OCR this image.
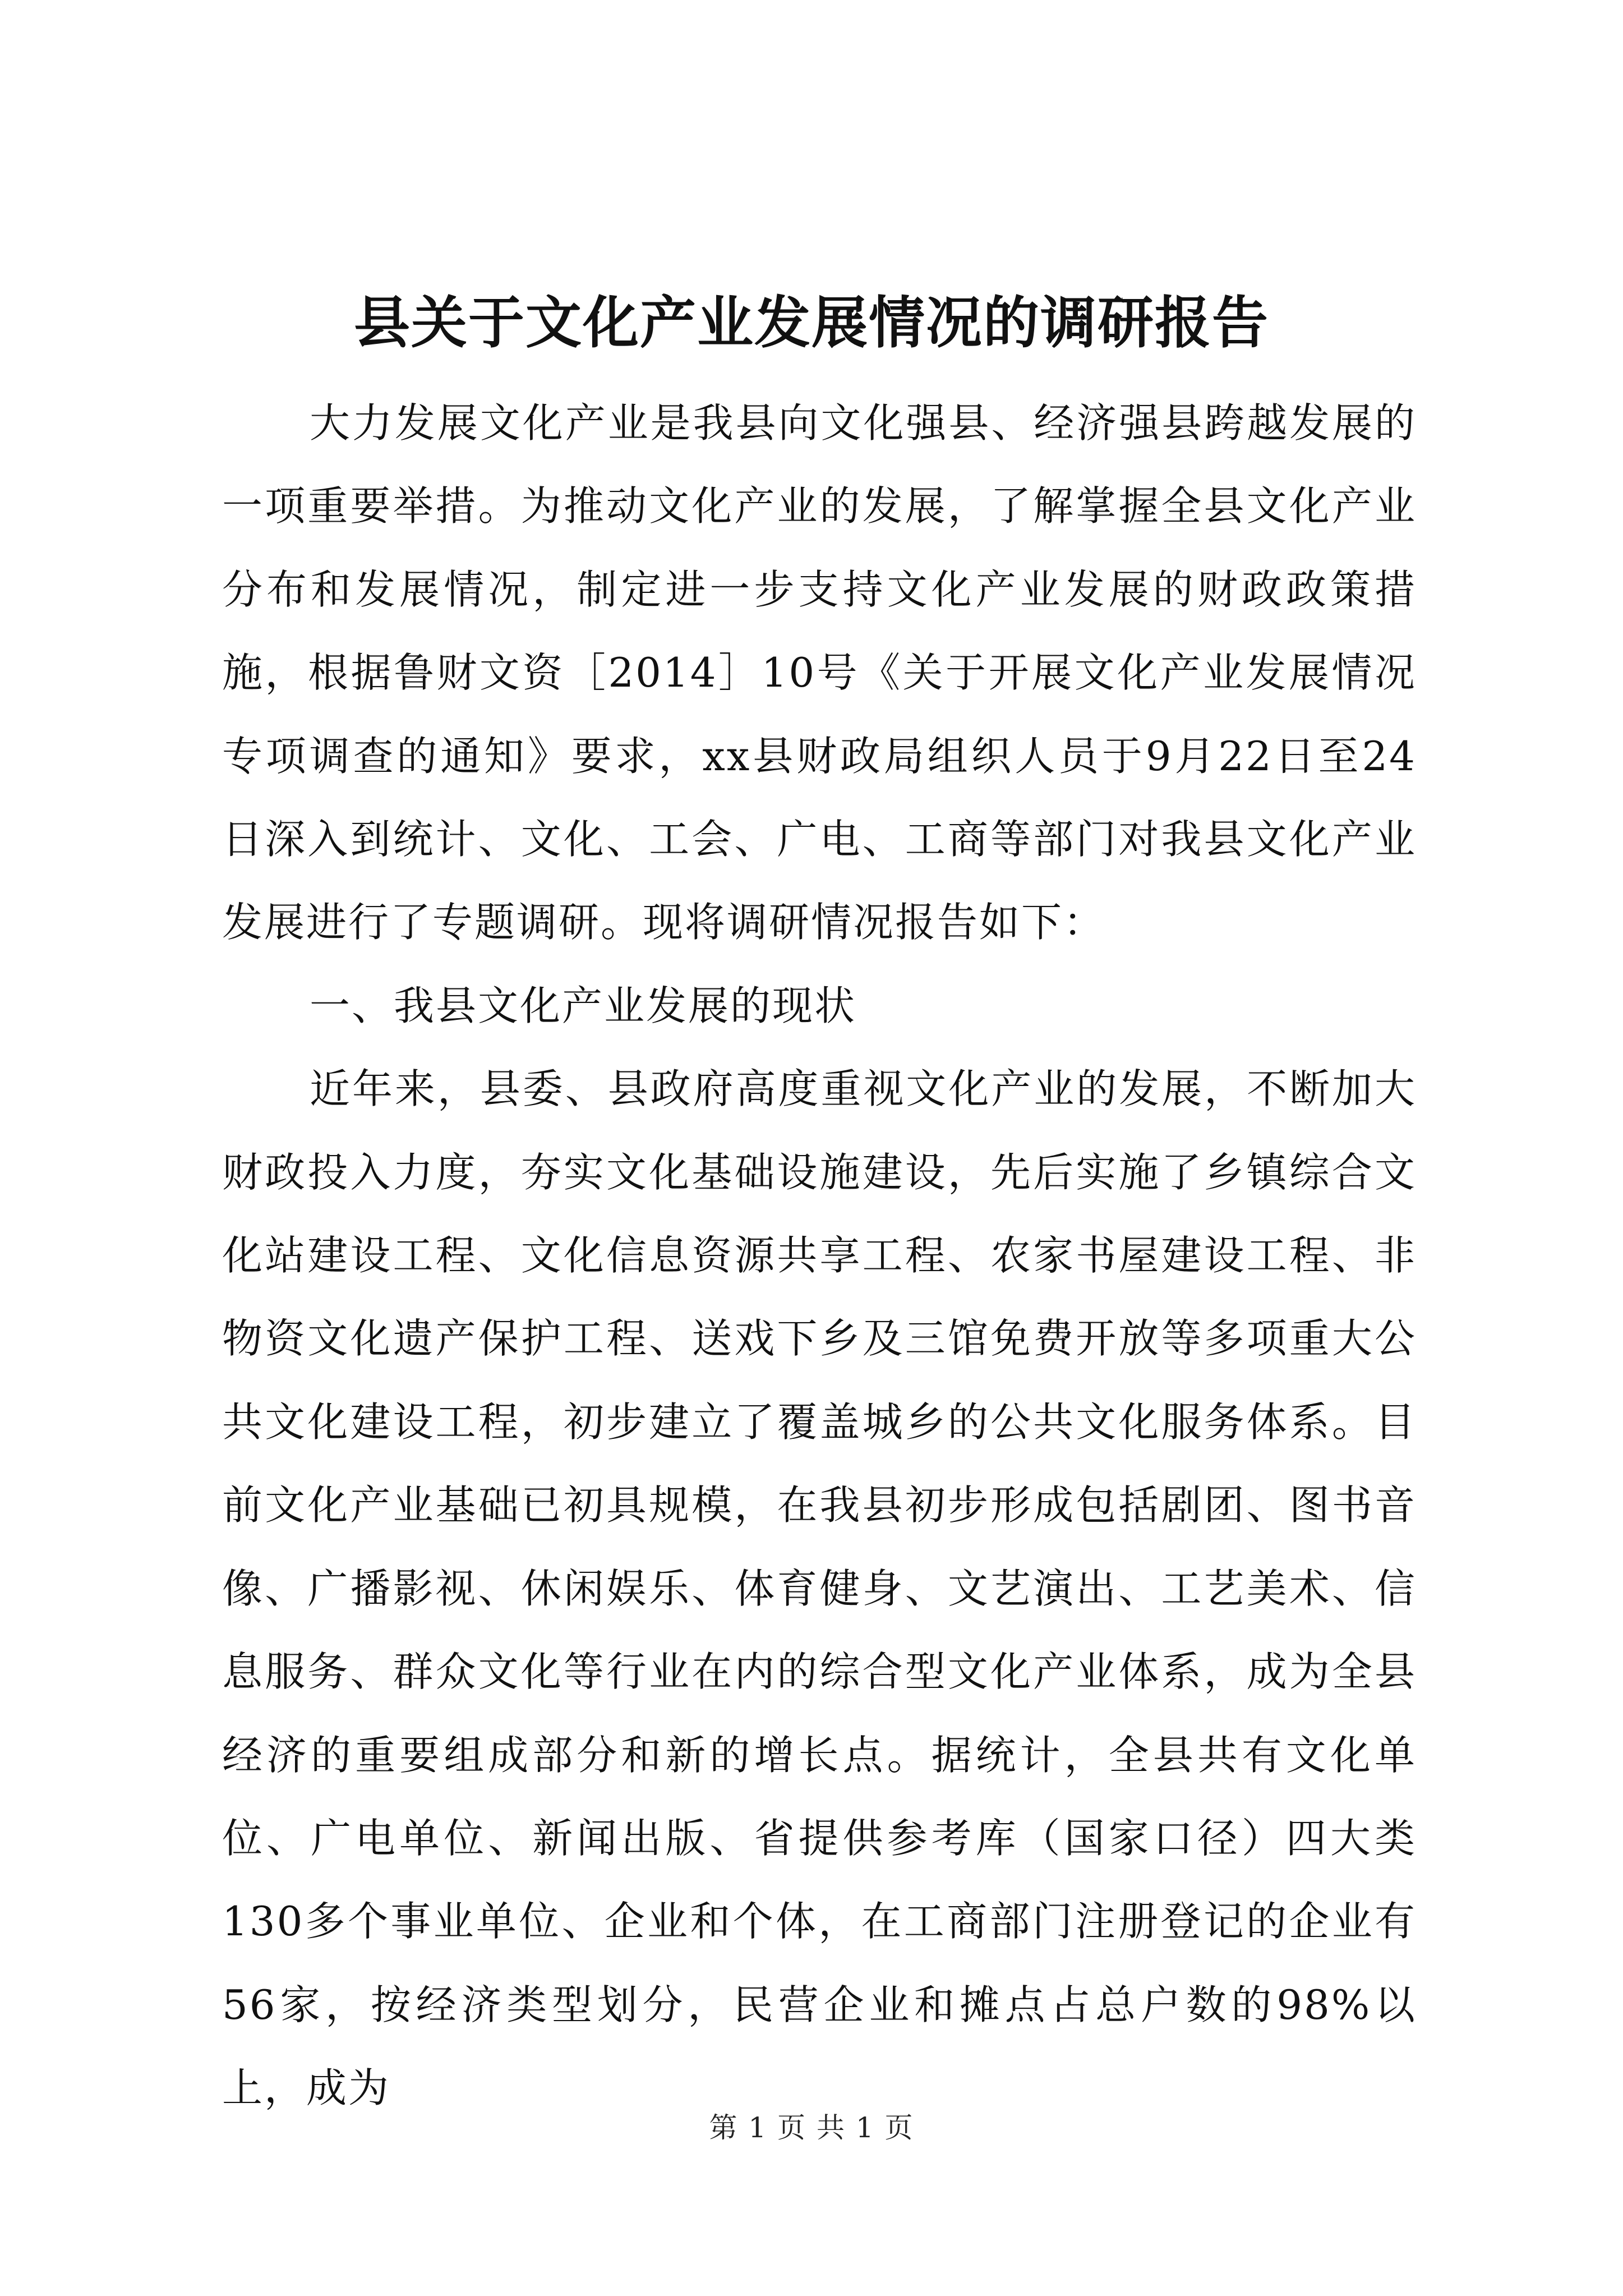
县关于文化产业发展情况的调研报告

大力发展文化产业是我县向文化强县、经济强县跨越发展的一项重要举措。为推动文化产业的发展，了解掌握全县文化产业分布和发展情况，制定进一步支持文化产业发展的财政政策措施，根据鲁财文资［2014］10号《关于开展文化产业发展情况专项调查的通知》要求，xx县财政局组织人员于9月22日至24日深入到统计、文化、工会、广电、工商等部门对我县文化产业发展进行了专题调研。现将调研情况报告如下：

一、我县文化产业发展的现状

近年来，县委、县政府高度重视文化产业的发展，不断加大财政投入力度，夯实文化基础设施建设，先后实施了乡镇综合文化站建设工程、文化信息资源共享工程、农家书屋建设工程、非物资文化遗产保护工程、送戏下乡及三馆免费开放等多项重大公共文化建设工程，初步建立了覆盖城乡的公共文化服务体系。目前文化产业基础已初具规模，在我县初步形成包括剧团、图书音像、广播影视、休闲娱乐、体育健身、文艺演出、工艺美术、信息服务、群众文化等行业在内的综合型文化产业体系，成为全县经济的重要组成部分和新的增长点。据统计，全县共有文化单位、广电单位、新闻出版、省提供参考库（国家口径）四大类130多个事业单位、企业和个体，在工商部门注册登记的企业有56家，按经济类型划分，民营企业和摊点占总户数的98%以上，成为

第 1 页 共 1 页
